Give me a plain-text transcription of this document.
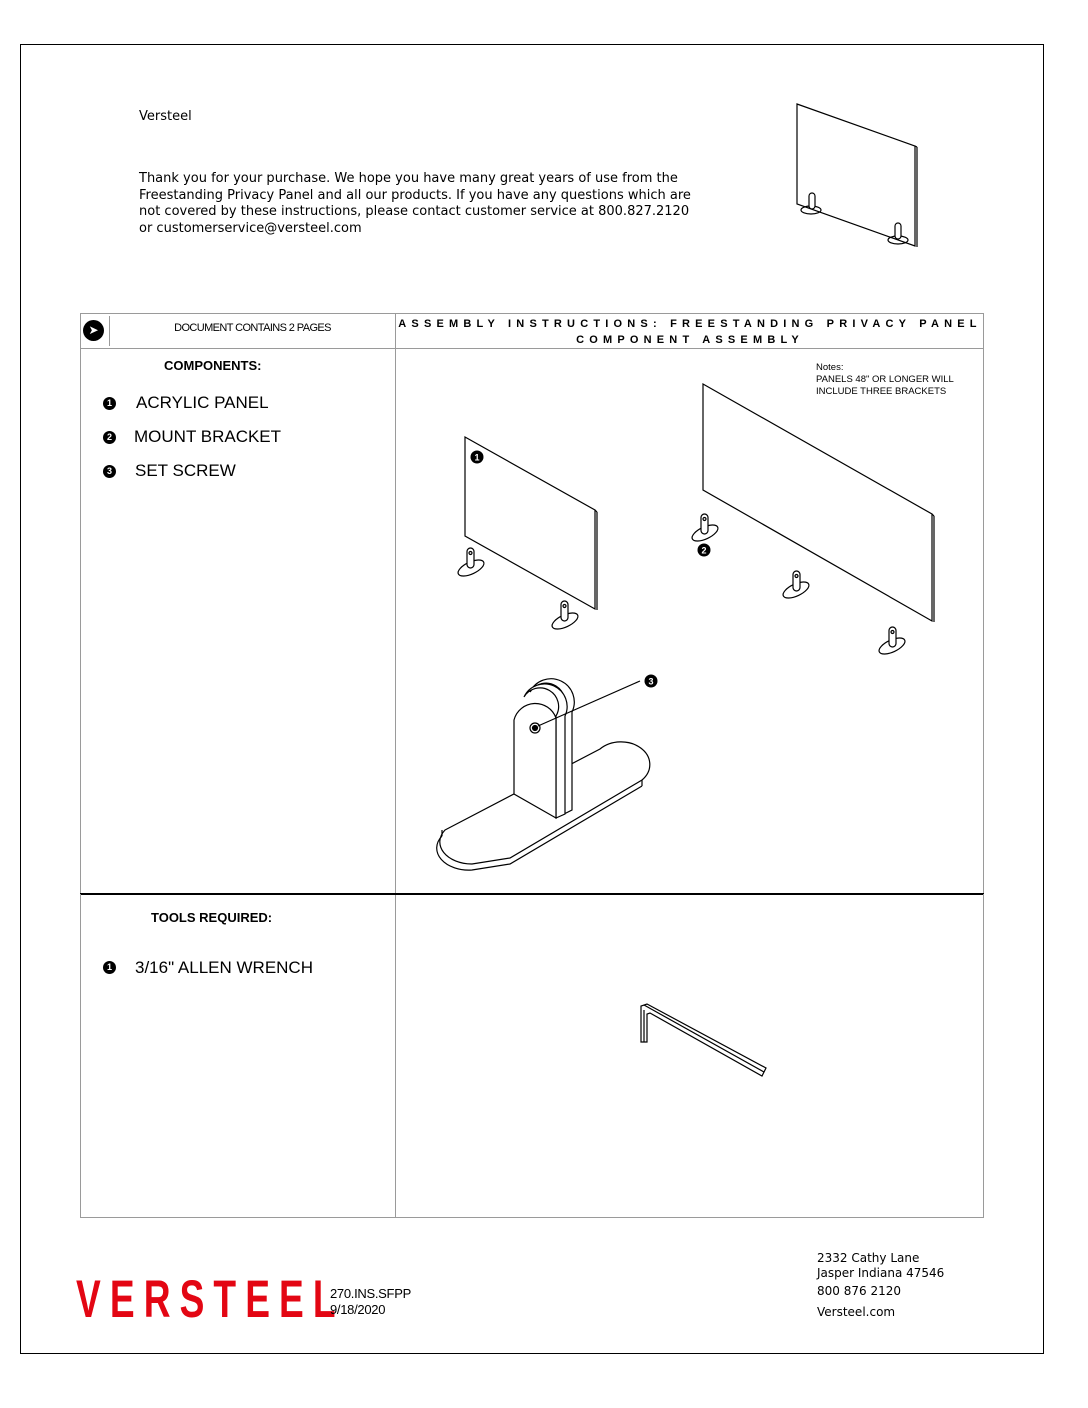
Versteel
Thank you for your purchase. We hope you have many great years of use from the Freestanding Privacy Panel and all our products. If you have any questions which are not covered by these instructions, please contact customer service at 800.827.2120 or customerservice@versteel.com
➤	DOCUMENT CONTAINS 2 PAGES	ASSEMBLY INSTRUCTIONS: FREESTANDING PRIVACY PANEL COMPONENT ASSEMBLY
COMPONENTS:
1 ACRYLIC PANEL
2 MOUNT BRACKET
3 SET SCREW
Notes:
PANELS 48" OR LONGER WILL INCLUDE THREE BRACKETS
TOOLS REQUIRED:
1 3/16" ALLEN WRENCH
1
2
3
VERSTEEL
270.INS.SFPP
9/18/2020
2332 Cathy Lane
Jasper Indiana 47546
800 876 2120
Versteel.com
